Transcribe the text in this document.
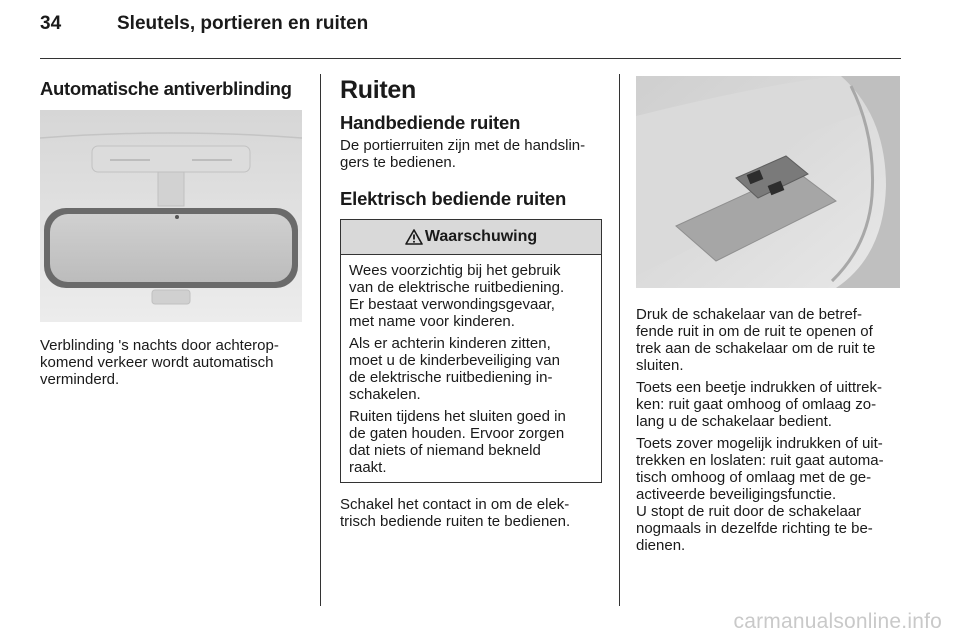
34	Sleutels, portieren en ruiten
Automatische antiverblinding

Verblinding 's nachts door achterop-
komend verkeer wordt automatisch
verminderd.

Ruiten
Handbediende ruiten

De portierruiten zijn met de handslin-
gers te bedienen.

Elektrisch bediende ruiten
Waarschuwing

Wees voorzichtig bij het gebruik
van de elektrische ruitbediening.
Er bestaat verwondingsgevaar,
met name voor kinderen.

Als er achterin kinderen zitten,
moet u de kinderbeveiliging van
de elektrische ruitbediening in-
schakelen.

Ruiten tijdens het sluiten goed in
de gaten houden. Ervoor zorgen
dat niets of niemand bekneld
raakt.

Schakel het contact in om de elek-
trisch bediende ruiten te bedienen.

Druk de schakelaar van de betref-
fende ruit in om de ruit te openen of
trek aan de schakelaar om de ruit te
sluiten.

Toets een beetje indrukken of uittrek-
ken: ruit gaat omhoog of omlaag zo-
lang u de schakelaar bedient.

Toets zover mogelijk indrukken of uit-
trekken en loslaten: ruit gaat automa-
tisch omhoog of omlaag met de ge-
activeerde beveiligingsfunctie.

U stopt de ruit door de schakelaar
nogmaals in dezelfde richting te be-
dienen.

carmanualsonline.info
